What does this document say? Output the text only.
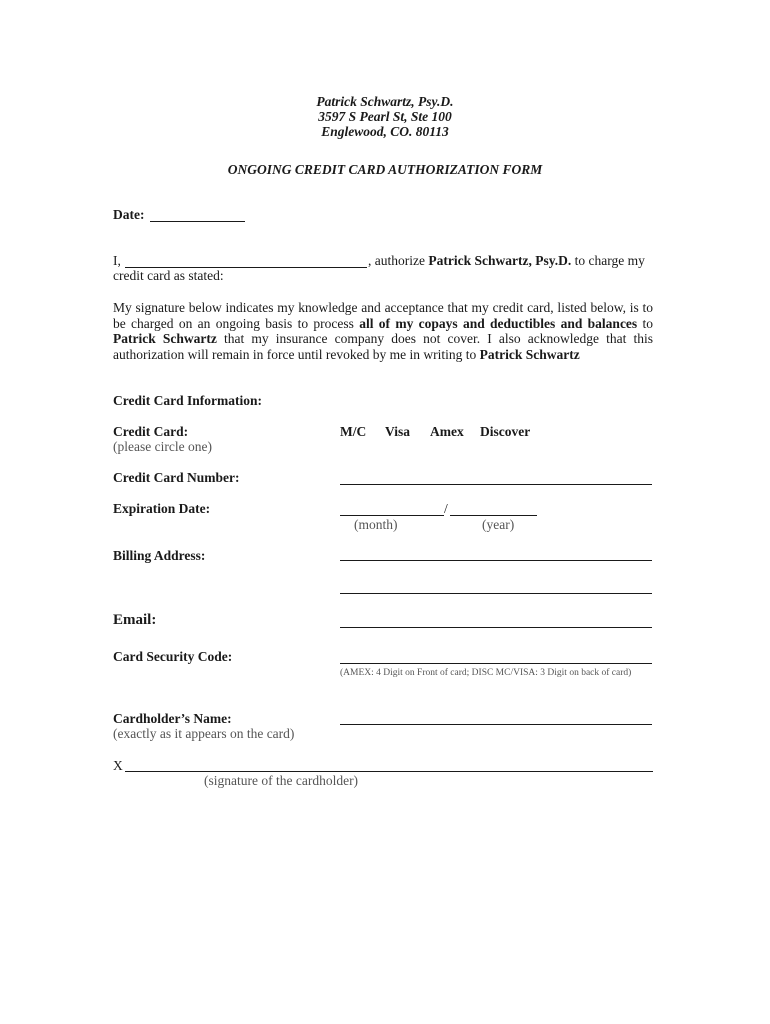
Patrick Schwartz, Psy.D.
3597 S Pearl St, Ste 100
Englewood, CO. 80113
ONGOING CREDIT CARD AUTHORIZATION FORM
Date:
I,	, authorize Patrick Schwartz, Psy.D. to charge my
credit card as stated:
My signature below indicates my knowledge and acceptance that my credit card, listed below, is to be charged on an ongoing basis to process all of my copays and deductibles and balances to Patrick Schwartz that my insurance company does not cover. I also acknowledge that this authorization will remain in force until revoked by me in writing to Patrick Schwartz
Credit Card Information:
Credit Card:
(please circle one)
M/C Visa Amex Discover
Credit Card Number:
Expiration Date:	/
(month)	(year)
Billing Address:
Email:
Card Security Code:
(AMEX: 4 Digit on Front of card; DISC MC/VISA: 3 Digit on back of card)
Cardholder’s Name:
(exactly as it appears on the card)
X
(signature of the cardholder)
